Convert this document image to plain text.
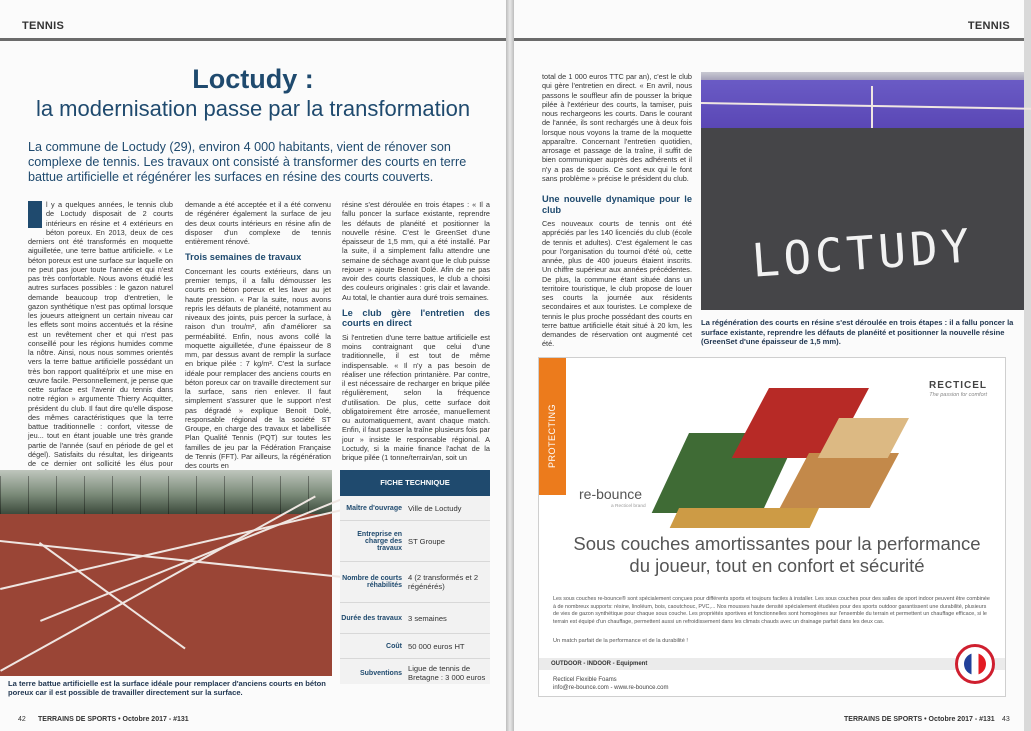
TENNIS
Loctudy :
la modernisation passe par la transformation
La commune de Loctudy (29), environ 4 000 habitants, vient de rénover son complexe de tennis. Les travaux ont consisté à transformer des courts en terre battue artificielle et régénérer les surfaces en résine des courts couverts.

l y a quelques années, le tennis club de Loctudy disposait de 2 courts intérieurs en résine et 4 extérieurs en béton poreux. En 2013, deux de ces derniers ont été transformés en moquette aiguilletée, une terre battue artificielle. « Le béton poreux est une surface sur laquelle on ne peut pas jouer toute l'année et qui n'est pas très confortable. Nous avons étudié les autres surfaces possibles : le gazon naturel demande beaucoup trop d'entretien, le gazon synthétique n'est pas optimal lorsque les joueurs atteignent un certain niveau car les effets sont moins accentués et la résine est un revêtement cher et qui n'est pas conseillé pour les régions humides comme la nôtre. Ainsi, nous nous sommes orientés vers la terre battue artificielle possédant un très bon rapport qualité/prix et une mise en œuvre facile. Personnellement, je pense que cette surface est l'avenir du tennis dans notre région » argumente Thierry Acquitter, président du club. Il faut dire qu'elle dispose des mêmes caractéristiques que la terre battue traditionnelle : confort, vitesse de jeu... tout en étant jouable une très grande partie de l'année (sauf en période de gel et dégel). Satisfaits du résultat, les dirigeants de ce dernier ont sollicité les élus pour

demande a été acceptée et il a été convenu de régénérer également la surface de jeu des deux courts intérieurs en résine afin de disposer d'un complexe de tennis entièrement rénové.

Trois semaines de travaux

Concernant les courts extérieurs, dans un premier temps, il a fallu démousser les courts en béton poreux et les laver au jet haute pression. « Par la suite, nous avons repris les défauts de planéité, notamment au niveaux des joints, puis percer la surface, à raison d'un trou/m², afin d'améliorer sa perméabilité. Enfin, nous avons collé la moquette aiguilletée, d'une épaisseur de 8 mm, par dessus avant de remplir la surface en brique pilée : 7 kg/m². C'est la surface idéale pour remplacer des anciens courts en béton poreux car on travaille directement sur la surface, sans rien enlever. Il faut simplement s'assurer que le support n'est pas dégradé » explique Benoit Dolé, responsable régional de la société ST Groupe, en charge des travaux et labellisée Plan Qualité Tennis (PQT) sur toutes les familles de jeu par la Fédération Française de Tennis (FFT). Par ailleurs, la régénération des courts en

résine s'est déroulée en trois étapes : « Il a fallu poncer la surface existante, reprendre les défauts de planéité et positionner la nouvelle résine. C'est le GreenSet d'une épaisseur de 1,5 mm, qui a été installé. Par la suite, il a simplement fallu attendre une semaine de séchage avant que le club puisse rejouer » ajoute Benoit Dolé. Afin de ne pas avoir des courts classiques, le club a choisi des couleurs originales : gris clair et lavande. Au total, le chantier aura duré trois semaines.

Le club gère l'entretien des courts en direct

Si l'entretien d'une terre battue artificielle est moins contraignant que celui d'une traditionnelle, il est tout de même indispensable. « Il n'y a pas besoin de réaliser une réfection printanière. Par contre, il est nécessaire de recharger en brique pilée régulièrement, selon la fréquence d'utilisation. De plus, cette surface doit obligatoirement être arrosée, manuellement ou automatiquement, avant chaque match. Enfin, il faut passer la traîne plusieurs fois par jour » insiste le responsable régional. A Loctudy, si la mairie finance l'achat de la brique pilée (1 tonne/terrain/an, soit un

La terre battue artificielle est la surface idéale pour remplacer d'anciens courts en béton poreux car il est possible de travailler directement sur la surface.
FICHE TECHNIQUE
Maître d'ouvrage Ville de Loctudy
Entreprise en charge des travaux
ST Groupe
Nombre de courts réhabilités
4 (2 transformés et 2 régénérés)
Durée des travaux 3 semaines
Coût 50 000 euros HT
Subventions Ligue de tennis de Bretagne : 3 000 euros
42 TERRAINS DE SPORTS • Octobre 2017 - #131
TENNIS

total de 1 000 euros TTC par an), c'est le club qui gère l'entretien en direct. « En avril, nous passons le souffleur afin de pousser la brique pilée à l'extérieur des courts, la tamiser, puis nous rechargeons les courts. Dans le courant de l'année, ils sont rechargés une à deux fois lorsque nous voyons la trame de la moquette apparaître. Concernant l'entretien quotidien, arrosage et passage de la traîne, il suffit de bien communiquer auprès des adhérents et il n'y a pas de soucis. Ce sont eux qui le font sans problème » précise le président du club.

Une nouvelle dynamique pour le club

Ces nouveaux courts de tennis ont été appréciés par les 140 licenciés du club (école de tennis et adultes). C'est également le cas pour l'organisation du tournoi d'été où, cette année, plus de 400 joueurs étaient inscrits. Un chiffre supérieur aux années précédentes. De plus, la commune étant située dans un territoire touristique, le club propose de louer ses courts la journée aux résidents secondaires et aux touristes. Le complexe de tennis le plus proche possédant des courts en terre battue artificielle était situé à 20 km, les demandes de réservation ont augmenté cet été.

LOCTUDY
La régénération des courts en résine s'est déroulée en trois étapes : il a fallu poncer la surface existante, reprendre les défauts de planéité et positionner la nouvelle résine (GreenSet d'une épaisseur de 1,5 mm).
PROTECTING
RECTICEL
The passion for comfort
re-bounce
a Recticel brand
Sous couches amortissantes pour la performance du joueur, tout en confort et sécurité
Les sous couches re-bounce® sont spécialement conçues pour différents sports et toujours faciles à installer. Les sous couches pour des salles de sport indoor peuvent être combinée à de nombreux supports: résine, linoléum, bois, caoutchouc, PVC,... Nos mousses haute densité spécialement étudiées pour des sports outdoor garantissent une durabilité, plusieurs de vies de gazon synthétique pour chaque sous couche. Les propriétés sportives et fonctionnelles sont homogènes sur l'ensemble du terrain et permettent un chauffage efficace, si le terrain est équipé d'un chauffage, permettent aussi un refroidissement dans les climats chauds avec un drainage parfait dans les deux cas.
Un match parfait de la performance et de la durabilité !
OUTDOOR - INDOOR - Equipment
Recticel Flexible Foams
info@re-bounce.com - www.re-bounce.com
TERRAINS DE SPORTS • Octobre 2017 - #131 43
